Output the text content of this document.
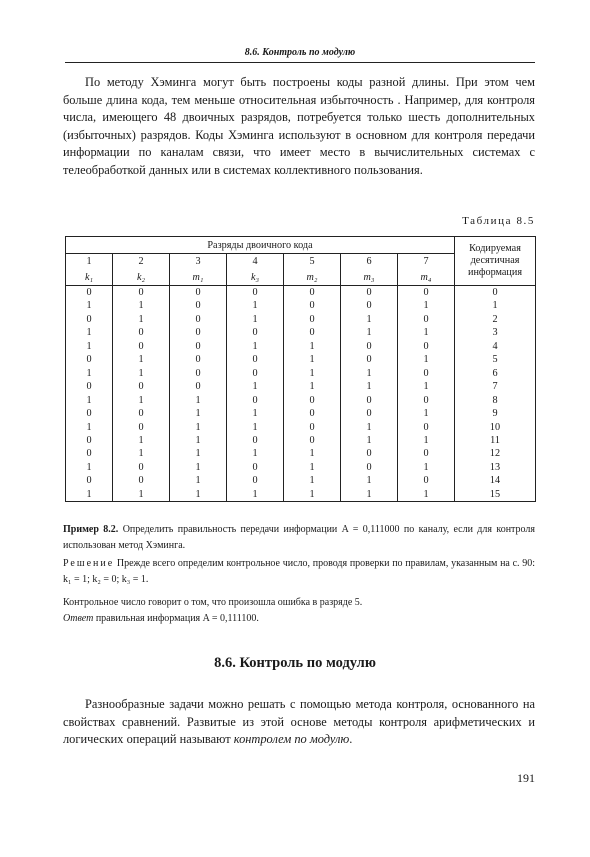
8.6. Контроль по модулю

По методу Хэминга могут быть построены коды разной длины. При этом чем больше длина кода, тем меньше относительная избыточность . Например, для контроля числа, имеющего 48 двоичных разрядов, потребуется только шесть дополнительных (избыточных) разрядов. Коды Хэминга используют в основном для контроля передачи информации по каналам связи, что имеет место в вычислительных системах с телеобработкой данных или в системах коллективного пользования.

Таблица 8.5
Разряды двоичного кода							Кодируемая десятичная информация
1	2	3	4	5	6	7	
k₁	k₂	m₁	k₃	m₂	m₃	m₄	
0	0	0	0	0	0	0	0
1	1	0	1	0	0	1	1
0	1	0	1	0	1	0	2
1	0	0	0	0	1	1	3
1	0	0	1	1	0	0	4
0	1	0	0	1	0	1	5
1	1	0	0	1	1	0	6
0	0	0	1	1	1	1	7
1	1	1	0	0	0	0	8
0	0	1	1	0	0	1	9
1	0	1	1	0	1	0	10
0	1	1	0	0	1	1	11
0	1	1	1	1	0	0	12
1	0	1	0	1	0	1	13
0	0	1	0	1	1	0	14
1	1	1	1	1	1	1	15

Пример 8.2. Определить правильность передачи информации A = 0,111000 по каналу, если для контроля использован метод Хэминга.

Решение Прежде всего определим контрольное число, проводя проверки по правилам, указанным на с. 90: k₁ = 1; k₂ = 0; k₃ = 1.

Контрольное число говорит о том, что произошла ошибка в разряде 5.

Ответ правильная информация A = 0,111100.

8.6. Контроль по модулю

Разнообразные задачи можно решать с помощью метода контроля, основанного на свойствах сравнений. Развитые из этой основе методы контроля арифметических и логических операций называют контролем по модулю.

191
